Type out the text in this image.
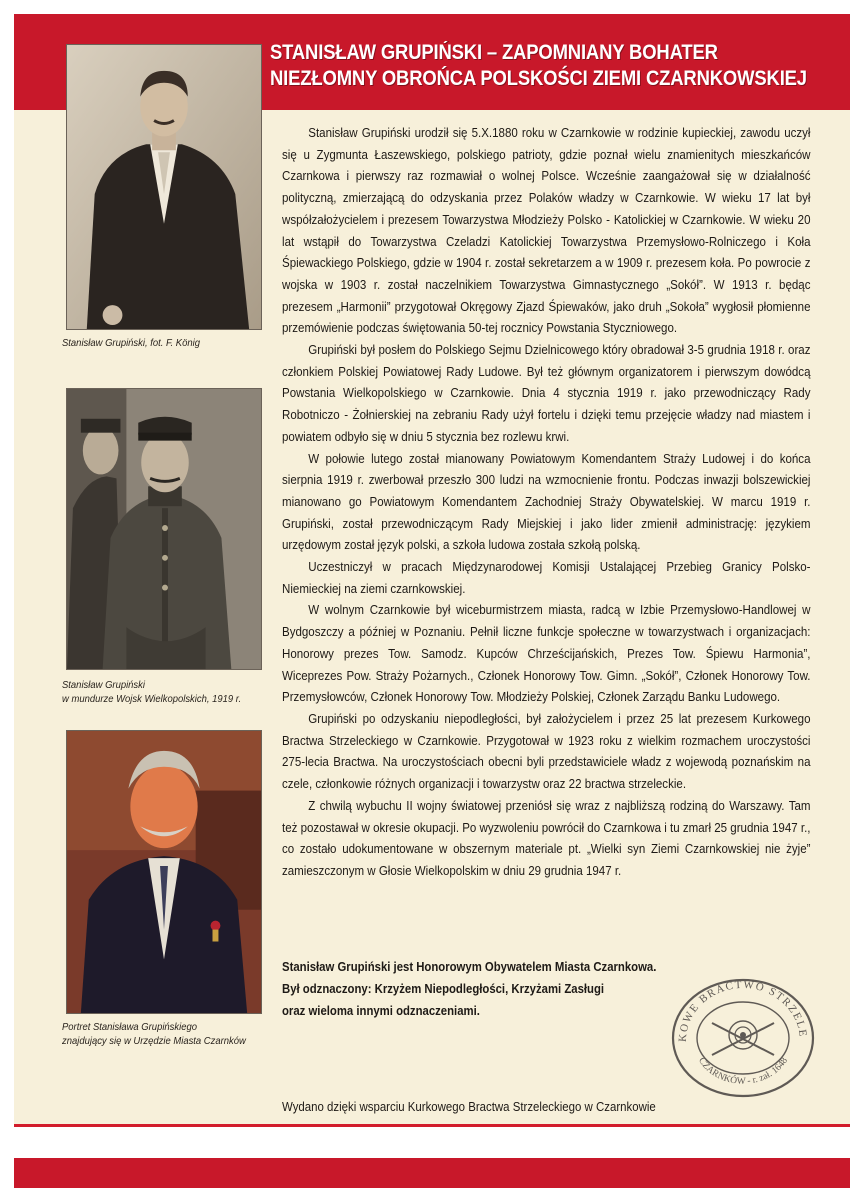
STANISŁAW GRUPIŃSKI – ZAPOMNIANY BOHATER
NIEZŁOMNY OBROŃCA POLSKOŚCI ZIEMI CZARNKOWSKIEJ
Stanisław Grupiński, fot. F. König
Stanisław Grupiński
w mundurze Wojsk Wielkopolskich, 1919 r.
Portret Stanisława Grupińskiego
znajdujący się w Urzędzie Miasta Czarnków

Stanisław Grupiński urodził się 5.X.1880 roku w Czarnkowie w rodzinie kupieckiej, zawodu uczył się u Zygmunta Łaszewskiego, polskiego patrioty, gdzie poznał wielu znamienitych mieszkańców Czarnkowa i pierwszy raz rozmawiał o wolnej Polsce. Wcześnie zaangażował się w działalność polityczną, zmierzającą do odzyskania przez Polaków władzy w Czarnkowie. W wieku 17 lat był współzałożycielem i prezesem Towarzystwa Młodzieży Polsko - Katolickiej w Czarnkowie. W wieku 20 lat wstąpił do Towarzystwa Czeladzi Katolickiej Towarzystwa Przemysłowo-Rolniczego i Koła Śpiewackiego Polskiego, gdzie w 1904 r. został sekretarzem a w 1909 r. prezesem koła. Po powrocie z wojska w 1903 r. został naczelnikiem Towarzystwa Gimnastycznego „Sokół”. W 1913 r. będąc prezesem „Harmonii” przygotował Okręgowy Zjazd Śpiewaków, jako druh „Sokoła” wygłosił płomienne przemówienie podczas świętowania 50-tej rocznicy Powstania Styczniowego.

Grupiński był posłem do Polskiego Sejmu Dzielnicowego który obradował 3-5 grudnia 1918 r. oraz członkiem Polskiej Powiatowej Rady Ludowe. Był też głównym organizatorem i pierwszym dowódcą Powstania Wielkopolskiego w Czarnkowie. Dnia 4 stycznia 1919 r. jako przewodniczący Rady Robotniczo - Żołnierskiej na zebraniu Rady użył fortelu i dzięki temu przejęcie władzy nad miastem i powiatem odbyło się w dniu 5 stycznia bez rozlewu krwi.

W połowie lutego został mianowany Powiatowym Komendantem Straży Ludowej i do końca sierpnia 1919 r. zwerbował przeszło 300 ludzi na wzmocnienie frontu. Podczas inwazji bolszewickiej mianowano go Powiatowym Komendantem Zachodniej Straży Obywatelskiej. W marcu 1919 r. Grupiński, został przewodniczącym Rady Miejskiej i jako lider zmienił administrację: językiem urzędowym został język polski, a szkoła ludowa została szkołą polską.

Uczestniczył w pracach Międzynarodowej Komisji Ustalającej Przebieg Granicy Polsko-Niemieckiej na ziemi czarnkowskiej.

W wolnym Czarnkowie był wiceburmistrzem miasta, radcą w Izbie Przemysłowo-Handlowej w Bydgoszczy a później w Poznaniu. Pełnił liczne funkcje społeczne w towarzystwach i organizacjach: Honorowy prezes Tow. Samodz. Kupców Chrześcijańskich, Prezes Tow. Śpiewu Harmonia”, Wiceprezes Pow. Straży Pożarnych., Członek Honorowy Tow. Gimn. „Sokół”, Członek Honorowy Tow. Przemysłowców, Członek Honorowy Tow. Młodzieży Polskiej, Członek Zarządu Banku Ludowego.

Grupiński po odzyskaniu niepodległości, był założycielem i przez 25 lat prezesem Kurkowego Bractwa Strzeleckiego w Czarnkowie. Przygotował w 1923 roku z wielkim rozmachem uroczystości 275-lecia Bractwa. Na uroczystościach obecni byli przedstawiciele władz z wojewodą poznańskim na czele, członkowie różnych organizacji i towarzystw oraz 22 bractwa strzeleckie.

Z chwilą wybuchu II wojny światowej przeniósł się wraz z najbliższą rodziną do Warszawy. Tam też pozostawał w okresie okupacji. Po wyzwoleniu powrócił do Czarnkowa i tu zmarł 25 grudnia 1947 r., co zostało udokumentowane w obszernym materiale pt. „Wielki syn Ziemi Czarnkowskiej nie żyje” zamieszczonym w Głosie Wielkopolskim w dniu 29 grudnia 1947 r.

Stanisław Grupiński jest Honorowym Obywatelem Miasta Czarnkowa.
Był odznaczony: Krzyżem Niepodległości, Krzyżami Zasługi
oraz wieloma innymi odznaczeniami.
KOWE BRACTWO STRZELE
CZARNKÓW - r. zał. 1648
Wydano dzięki wsparciu Kurkowego Bractwa Strzeleckiego w Czarnkowie
